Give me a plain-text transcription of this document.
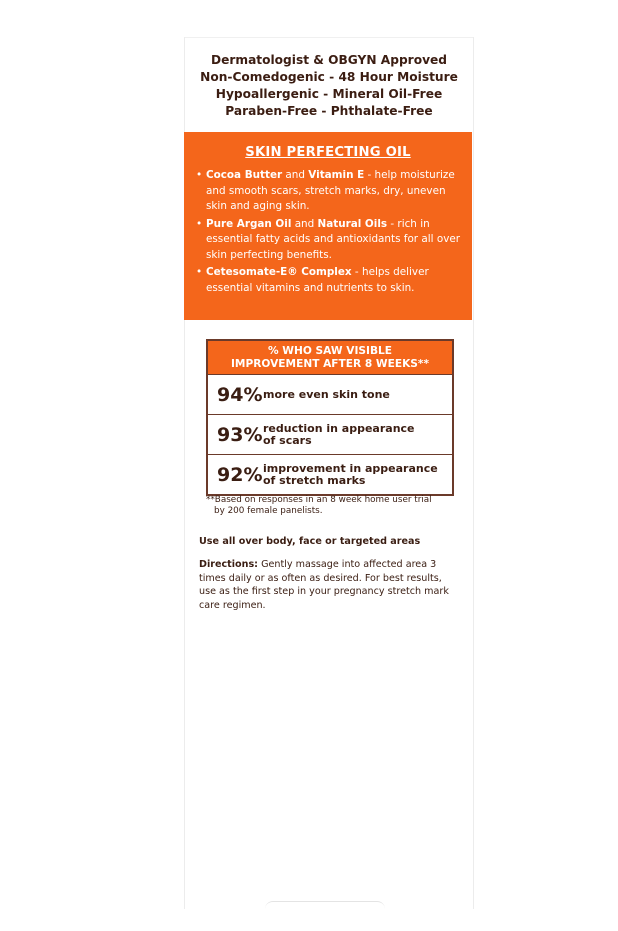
Dermatologist & OBGYN Approved
Non-Comedogenic - 48 Hour Moisture
Hypoallergenic - Mineral Oil-Free
Paraben-Free - Phthalate-Free
SKIN PERFECTING OIL
• Cocoa Butter and Vitamin E - help moisturize and smooth scars, stretch marks, dry, uneven skin and aging skin.
• Pure Argan Oil and Natural Oils - rich in essential fatty acids and antioxidants for all over skin perfecting benefits.
• Cetesomate-E® Complex - helps deliver essential vitamins and nutrients to skin.
% WHO SAW VISIBLE
IMPROVEMENT AFTER 8 WEEKS**
94% more even skin tone
93% reduction in appearance
of scars
92% improvement in appearance
of stretch marks
**Based on responses in an 8 week home user trial
by 200 female panelists.
Use all over body, face or targeted areas
Directions: Gently massage into affected area 3 times daily or as often as desired. For best results, use as the first step in your pregnancy stretch mark care regimen.
